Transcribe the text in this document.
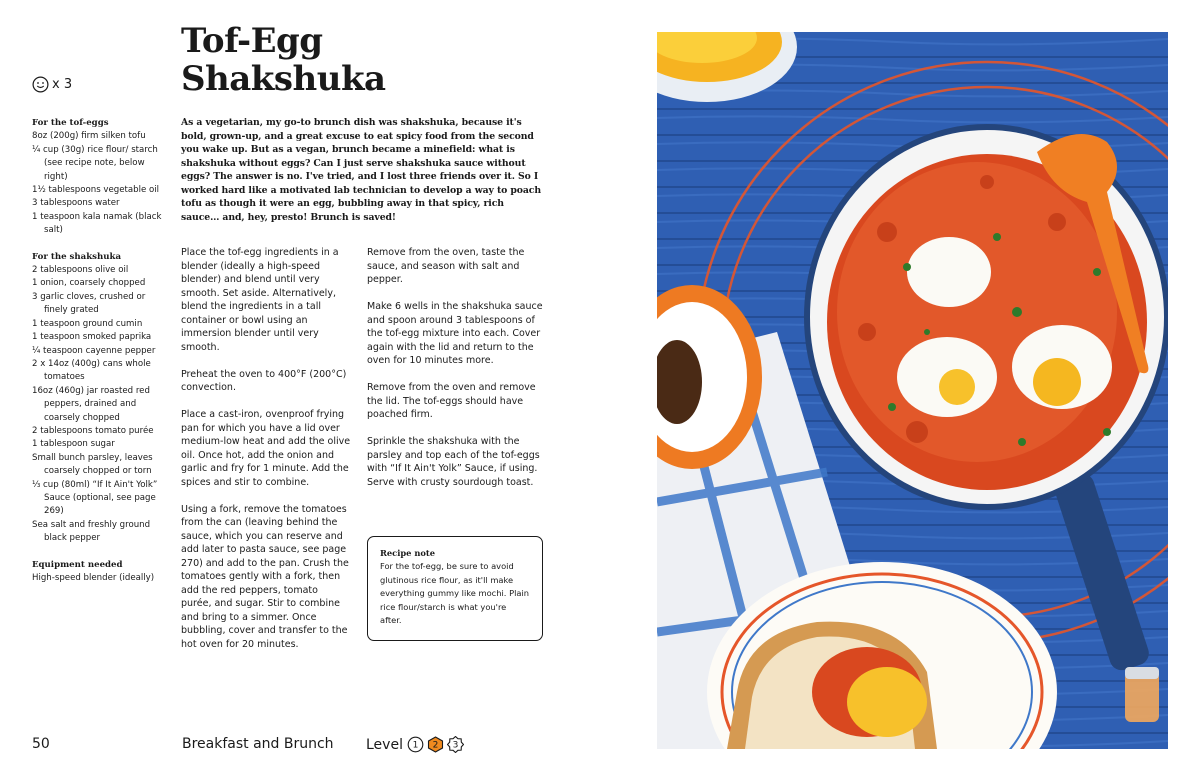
Tof-Egg
Shakshuka
x 3
For the tof-eggs
8oz (200g) firm silken tofu
¼ cup (30g) rice flour/ starch (see recipe note, below right)
1½ tablespoons vegetable oil
3 tablespoons water
1 teaspoon kala namak (black salt)
For the shakshuka
2 tablespoons olive oil
1 onion, coarsely chopped
3 garlic cloves, crushed or finely grated
1 teaspoon ground cumin
1 teaspoon smoked paprika
¼ teaspoon cayenne pepper
2 x 14oz (400g) cans whole tomatoes
16oz (460g) jar roasted red peppers, drained and coarsely chopped
2 tablespoons tomato purée
1 tablespoon sugar
Small bunch parsley, leaves coarsely chopped or torn
⅓ cup (80ml) “If It Ain't Yolk” Sauce (optional, see page 269)
Sea salt and freshly ground black pepper
Equipment needed
High-speed blender (ideally)
As a vegetarian, my go-to brunch dish was shakshuka, because it's bold, grown-up, and a great excuse to eat spicy food from the second you wake up. But as a vegan, brunch became a minefield: what is shakshuka without eggs? Can I just serve shakshuka sauce without eggs? The answer is no. I've tried, and I lost three friends over it. So I worked hard like a motivated lab technician to develop a way to poach tofu as though it were an egg, bubbling away in that spicy, rich sauce… and, hey, presto! Brunch is saved!

Place the tof-egg ingredients in a blender (ideally a high-speed blender) and blend until very smooth. Set aside. Alternatively, blend the ingredients in a tall container or bowl using an immersion blender until very smooth.

Preheat the oven to 400°F (200°C) convection.

Place a cast-iron, ovenproof frying pan for which you have a lid over medium-low heat and add the olive oil. Once hot, add the onion and garlic and fry for 1 minute. Add the spices and stir to combine.

Using a fork, remove the tomatoes from the can (leaving behind the sauce, which you can reserve and add later to pasta sauce, see page 270) and add to the pan. Crush the tomatoes gently with a fork, then add the red peppers, tomato purée, and sugar. Stir to combine and bring to a simmer. Once bubbling, cover and transfer to the hot oven for 20 minutes.

Remove from the oven, taste the sauce, and season with salt and pepper.

Make 6 wells in the shakshuka sauce and spoon around 3 tablespoons of the tof-egg mixture into each. Cover again with the lid and return to the oven for 10 minutes more.

Remove from the oven and remove the lid. The tof-eggs should have poached firm.

Sprinkle the shakshuka with the parsley and top each of the tof-eggs with “If It Ain't Yolk” Sauce, if using. Serve with crusty sourdough toast.

Recipe note
For the tof-egg, be sure to avoid glutinous rice flour, as it'll make everything gummy like mochi. Plain rice flour/starch is what you're after.
50	Breakfast and Brunch Level 1 2 3
